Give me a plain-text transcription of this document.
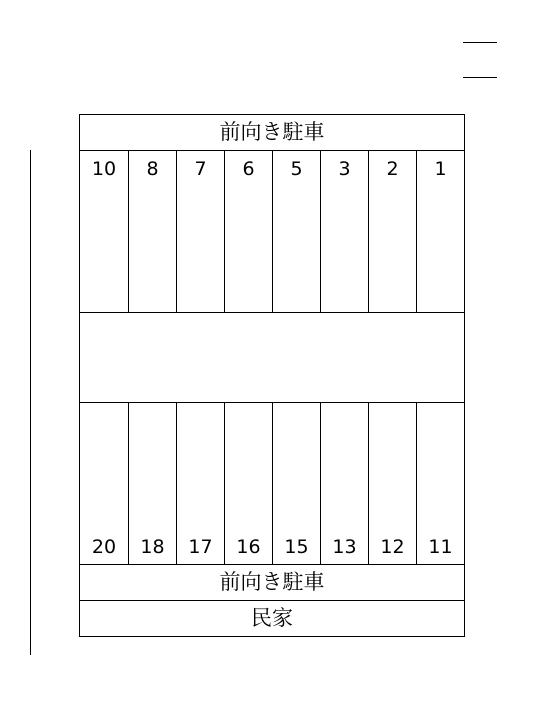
前向き駐車
前向き駐車
民家
10	8	7	6	5	3	2	1
20	18	17	16	15	13	12	11
